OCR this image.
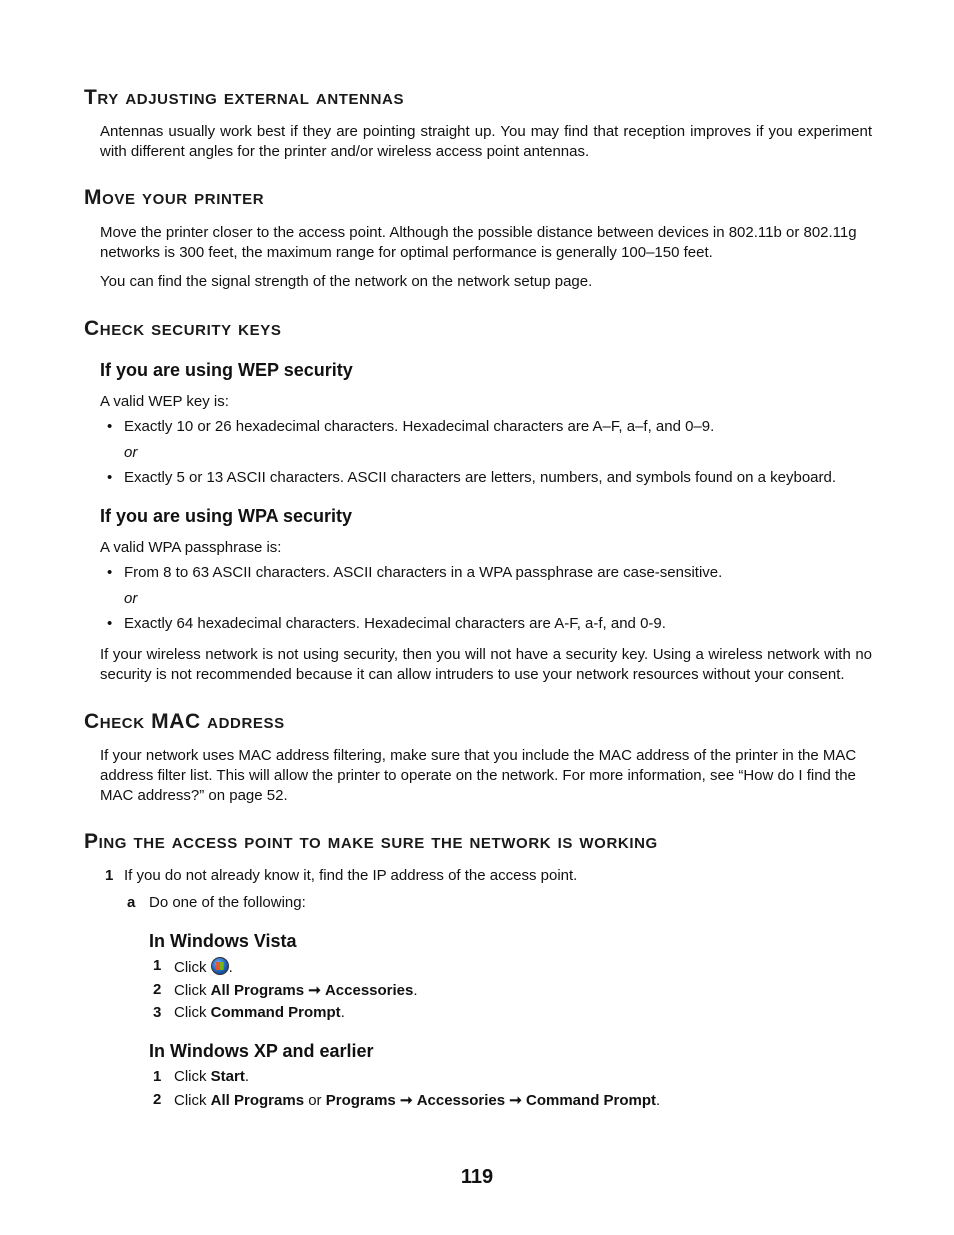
Try adjusting external antennas
Antennas usually work best if they are pointing straight up. You may find that reception improves if you experiment with different angles for the printer and/or wireless access point antennas.
Move your printer
Move the printer closer to the access point. Although the possible distance between devices in 802.11b or 802.11g networks is 300 feet, the maximum range for optimal performance is generally 100–150 feet.
You can find the signal strength of the network on the network setup page.
Check security keys
If you are using WEP security
A valid WEP key is:
• Exactly 10 or 26 hexadecimal characters. Hexadecimal characters are A–F, a–f, and 0–9.
or
• Exactly 5 or 13 ASCII characters. ASCII characters are letters, numbers, and symbols found on a keyboard.
If you are using WPA security
A valid WPA passphrase is:
• From 8 to 63 ASCII characters. ASCII characters in a WPA passphrase are case-sensitive.
or
• Exactly 64 hexadecimal characters. Hexadecimal characters are A-F, a-f, and 0-9.
If your wireless network is not using security, then you will not have a security key. Using a wireless network with no security is not recommended because it can allow intruders to use your network resources without your consent.
Check MAC address
If your network uses MAC address filtering, make sure that you include the MAC address of the printer in the MAC address filter list. This will allow the printer to operate on the network. For more information, see “How do I find the MAC address?” on page 52.
Ping the access point to make sure the network is working
1 If you do not already know it, find the IP address of the access point.
a Do one of the following:
In Windows Vista
1 Click .
2 Click All Programs ➞ Accessories.
3 Click Command Prompt.
In Windows XP and earlier
1 Click Start.
2 Click All Programs or Programs ➞ Accessories ➞ Command Prompt.
119
